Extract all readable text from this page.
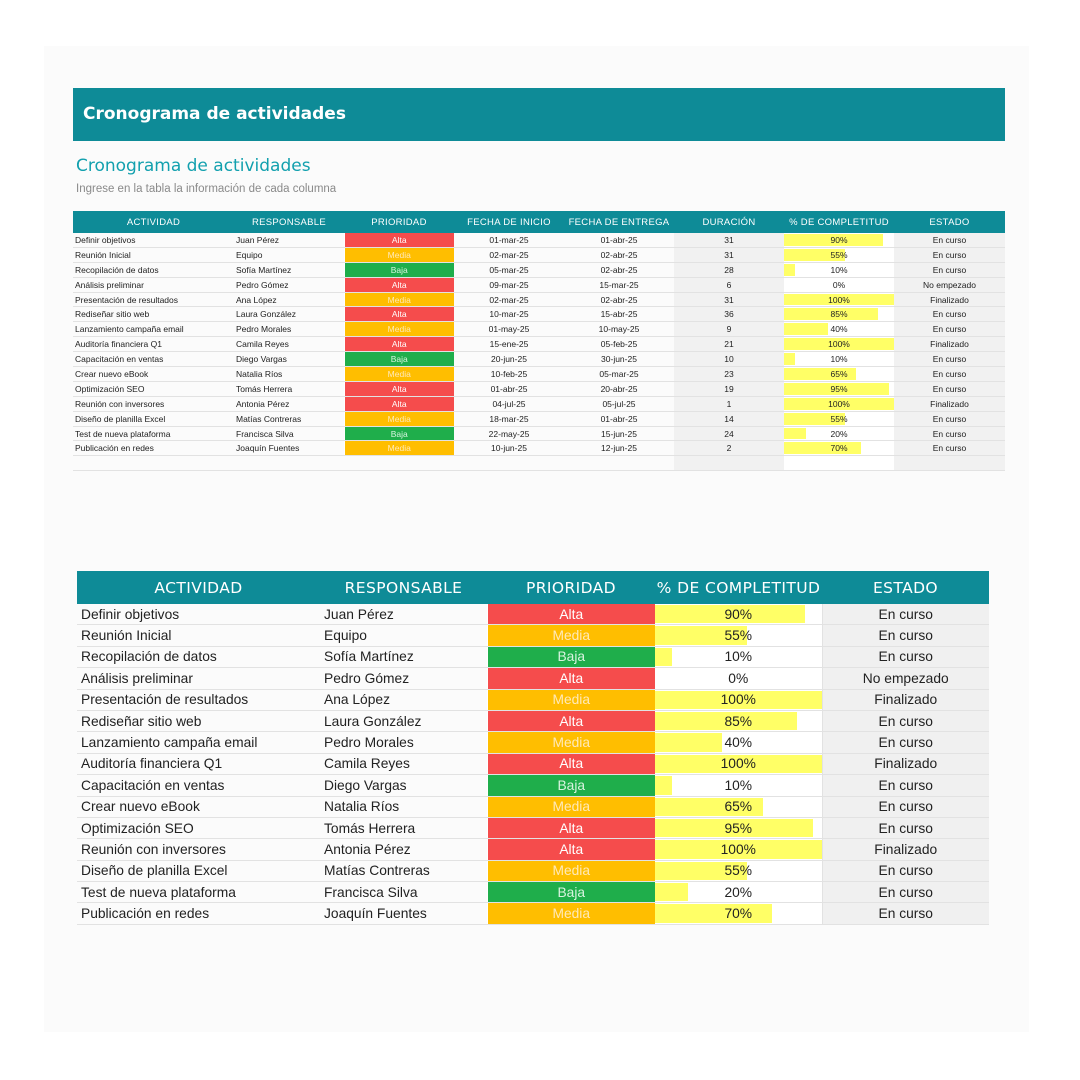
Cronograma de actividades
Cronograma de actividades
Ingrese en la tabla la información de cada columna
ACTIVIDAD	RESPONSABLE	PRIORIDAD	FECHA DE INICIO	FECHA DE ENTREGA	DURACIÓN	% DE COMPLETITUD	ESTADO
Definir objetivos	Juan Pérez	Alta	01-mar-25	01-abr-25	31	90%	En curso
Reunión Inicial	Equipo	Media	02-mar-25	02-abr-25	31	55%	En curso
Recopilación de datos	Sofía Martínez	Baja	05-mar-25	02-abr-25	28	10%	En curso
Análisis preliminar	Pedro Gómez	Alta	09-mar-25	15-mar-25	6	0%	No empezado
Presentación de resultados	Ana López	Media	02-mar-25	02-abr-25	31	100%	Finalizado
Rediseñar sitio web	Laura González	Alta	10-mar-25	15-abr-25	36	85%	En curso
Lanzamiento campaña email	Pedro Morales	Media	01-may-25	10-may-25	9	40%	En curso
Auditoría financiera Q1	Camila Reyes	Alta	15-ene-25	05-feb-25	21	100%	Finalizado
Capacitación en ventas	Diego Vargas	Baja	20-jun-25	30-jun-25	10	10%	En curso
Crear nuevo eBook	Natalia Ríos	Media	10-feb-25	05-mar-25	23	65%	En curso
Optimización SEO	Tomás Herrera	Alta	01-abr-25	20-abr-25	19	95%	En curso
Reunión con inversores	Antonia Pérez	Alta	04-jul-25	05-jul-25	1	100%	Finalizado
Diseño de planilla Excel	Matías Contreras	Media	18-mar-25	01-abr-25	14	55%	En curso
Test de nueva plataforma	Francisca Silva	Baja	22-may-25	15-jun-25	24	20%	En curso
Publicación en redes	Joaquín Fuentes	Media	10-jun-25	12-jun-25	2	70%	En curso

ACTIVIDAD	RESPONSABLE	PRIORIDAD	% DE COMPLETITUD	ESTADO
Definir objetivos	Juan Pérez	Alta	90%	En curso
Reunión Inicial	Equipo	Media	55%	En curso
Recopilación de datos	Sofía Martínez	Baja	10%	En curso
Análisis preliminar	Pedro Gómez	Alta	0%	No empezado
Presentación de resultados	Ana López	Media	100%	Finalizado
Rediseñar sitio web	Laura González	Alta	85%	En curso
Lanzamiento campaña email	Pedro Morales	Media	40%	En curso
Auditoría financiera Q1	Camila Reyes	Alta	100%	Finalizado
Capacitación en ventas	Diego Vargas	Baja	10%	En curso
Crear nuevo eBook	Natalia Ríos	Media	65%	En curso
Optimización SEO	Tomás Herrera	Alta	95%	En curso
Reunión con inversores	Antonia Pérez	Alta	100%	Finalizado
Diseño de planilla Excel	Matías Contreras	Media	55%	En curso
Test de nueva plataforma	Francisca Silva	Baja	20%	En curso
Publicación en redes	Joaquín Fuentes	Media	70%	En curso
